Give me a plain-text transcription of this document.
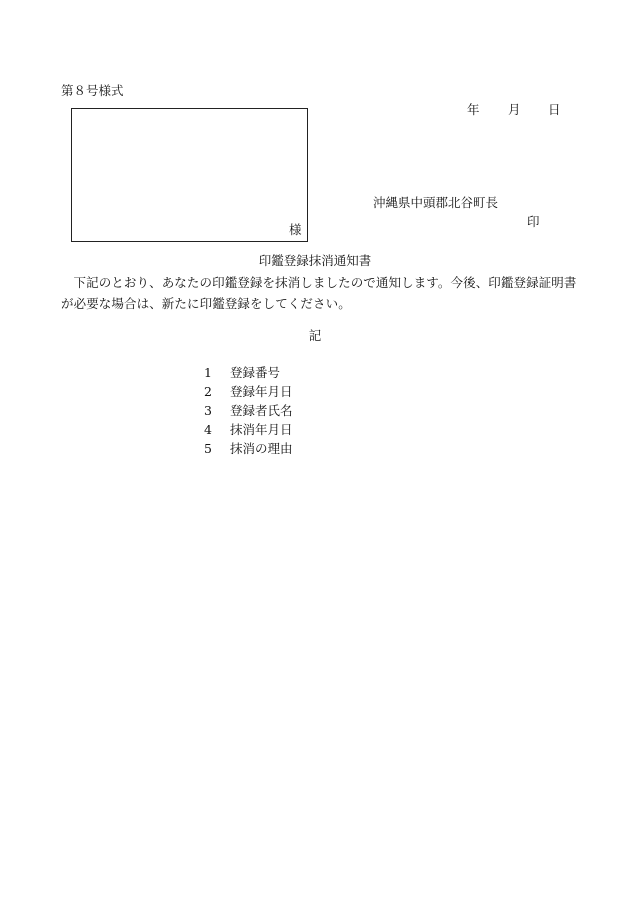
第８号様式
年 月 日
様
沖縄県中頭郡北谷町長
印
印鑑登録抹消通知書
下記のとおり、あなたの印鑑登録を抹消しましたので通知します。今後、印鑑登録証明書が必要な場合は、新たに印鑑登録をしてください。
記
1	登録番号
2	登録年月日
3	登録者氏名
4	抹消年月日
5	抹消の理由
